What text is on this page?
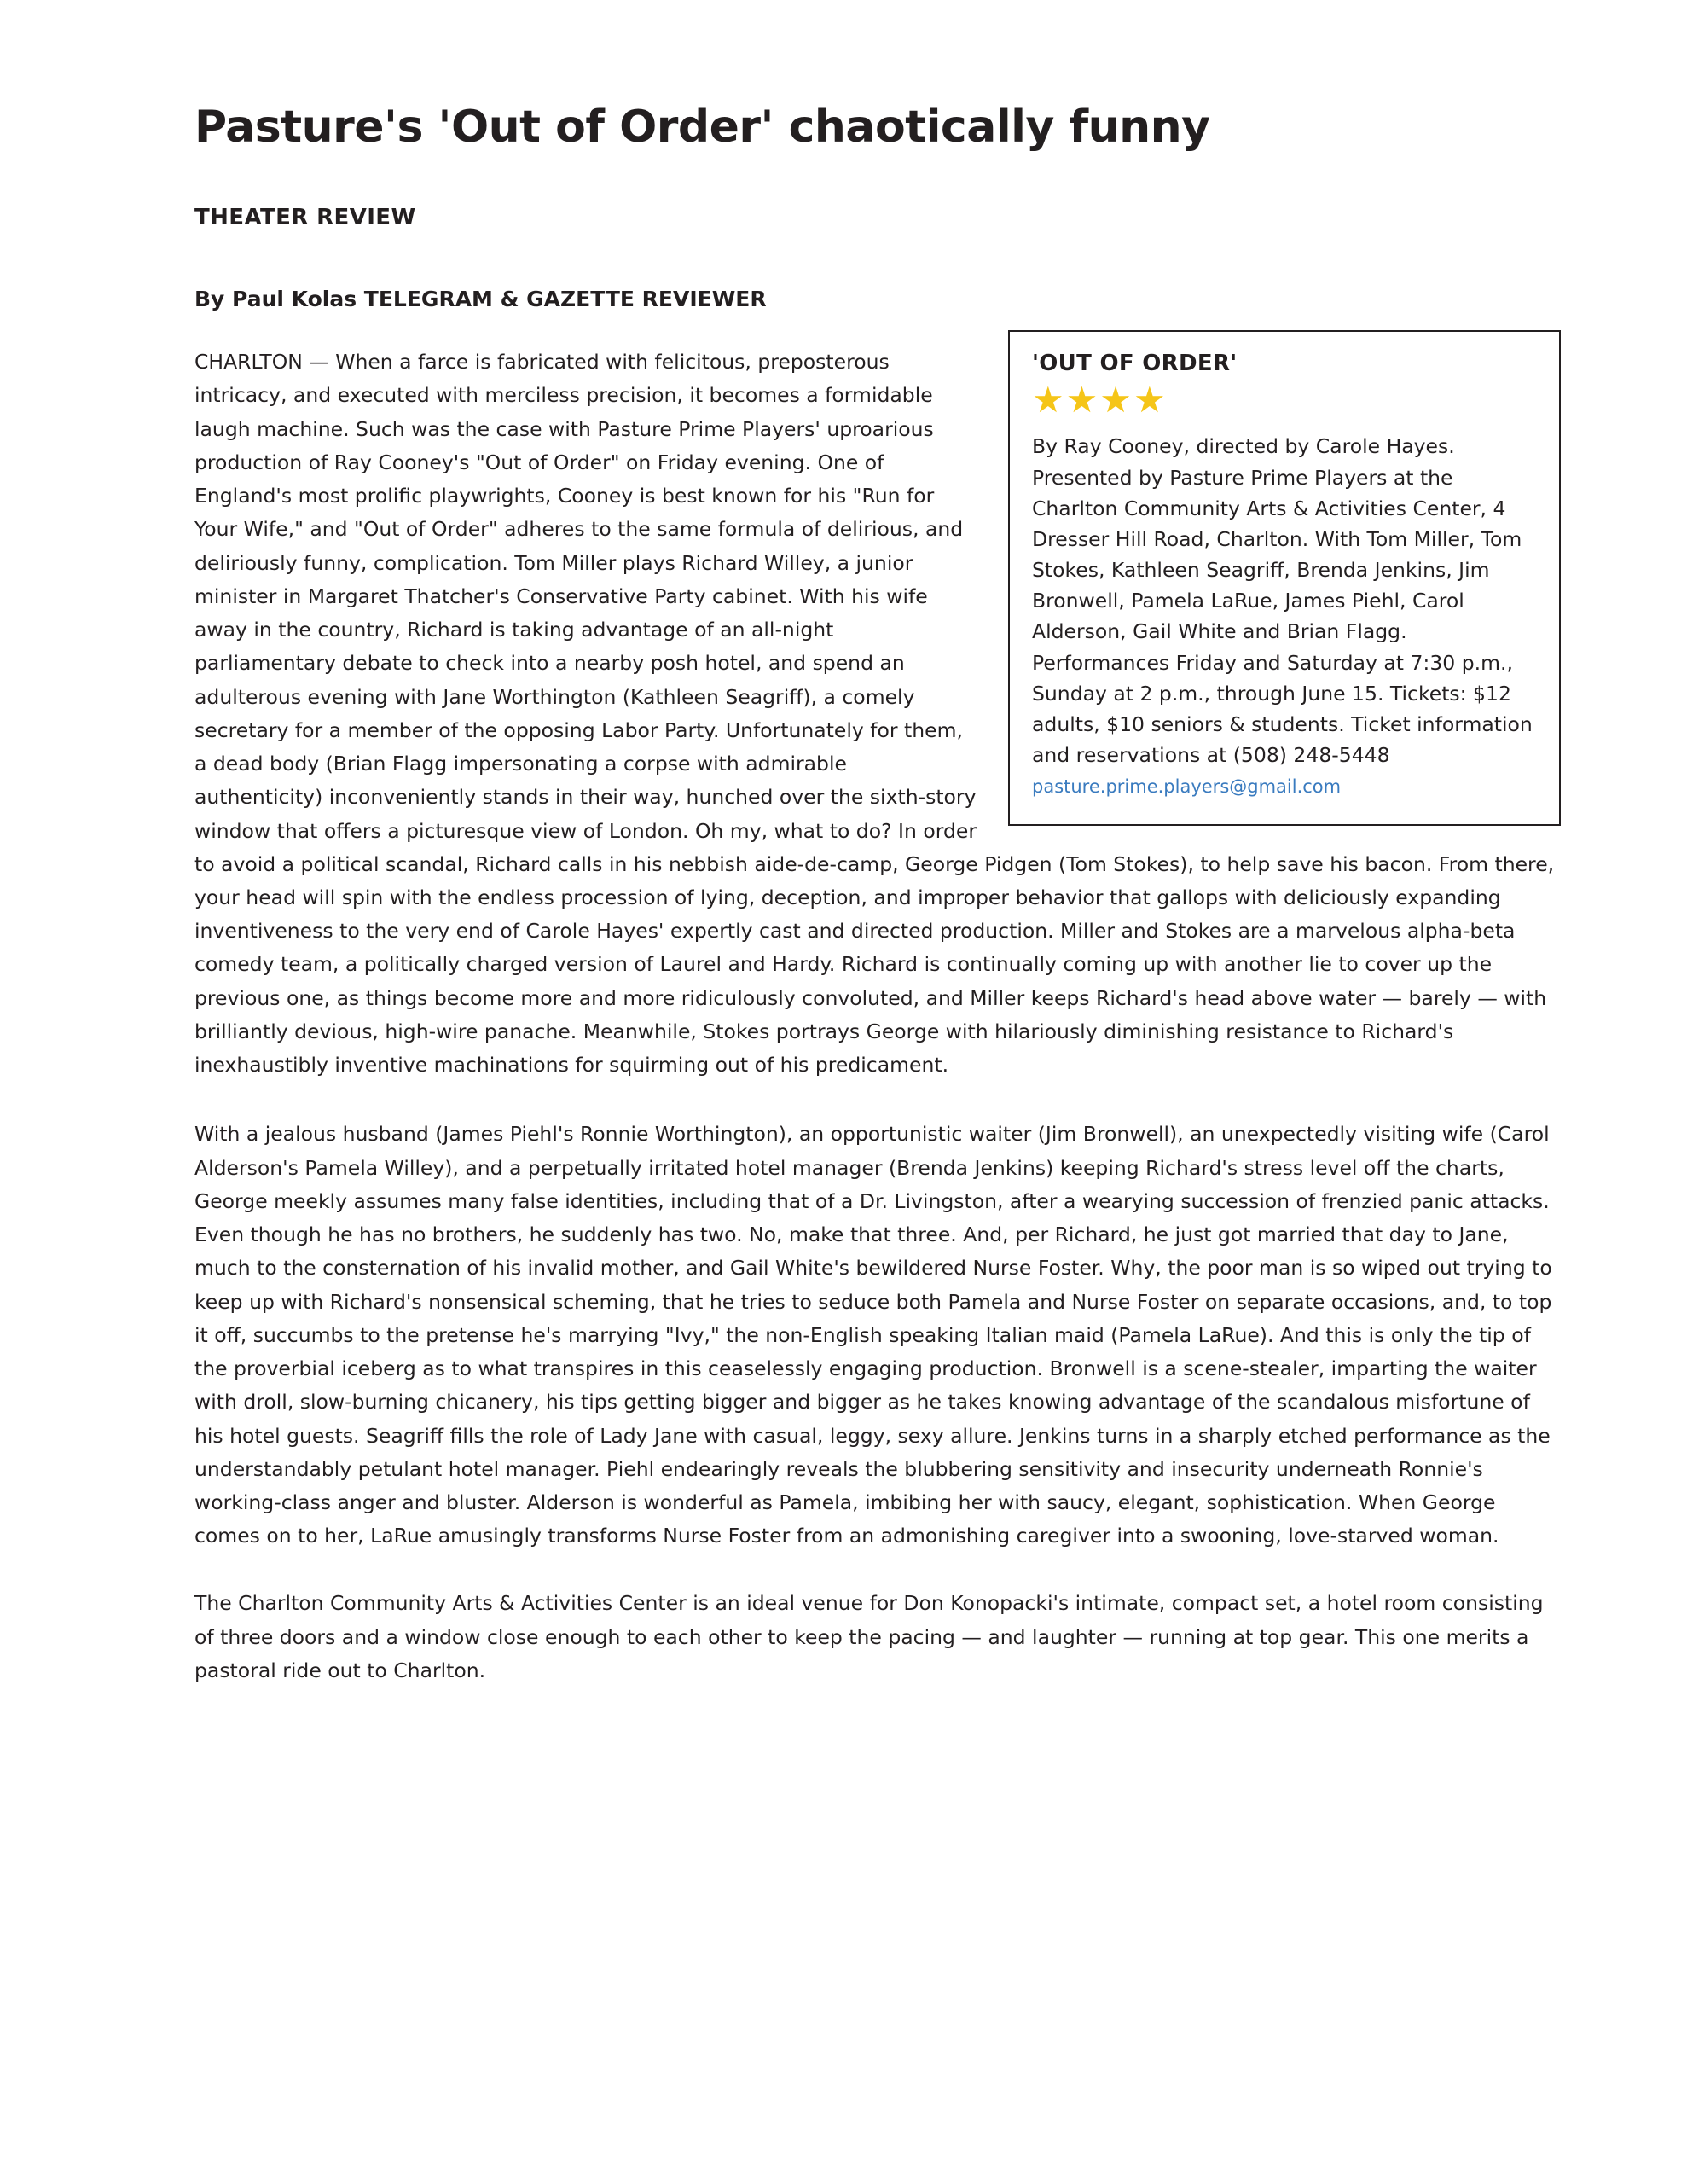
Pasture's 'Out of Order' chaotically funny
THEATER REVIEW
By Paul Kolas TELEGRAM & GAZETTE REVIEWER
'OUT OF ORDER'
★★★★
By Ray Cooney, directed by Carole Hayes. Presented by Pasture Prime Players at the Charlton Community Arts & Activities Center, 4 Dresser Hill Road, Charlton. With Tom Miller, Tom Stokes, Kathleen Seagriff, Brenda Jenkins, Jim Bronwell, Pamela LaRue, James Piehl, Carol Alderson, Gail White and Brian Flagg. Performances Friday and Saturday at 7:30 p.m., Sunday at 2 p.m., through June 15. Tickets: $12 adults, $10 seniors & students. Ticket information and reservations at (508) 248-5448 pasture.prime.players@gmail.com

CHARLTON — When a farce is fabricated with felicitous, preposterous intricacy, and executed with merciless precision, it becomes a formidable laugh machine. Such was the case with Pasture Prime Players' uproarious production of Ray Cooney's "Out of Order" on Friday evening. One of England's most prolific playwrights, Cooney is best known for his "Run for Your Wife," and "Out of Order" adheres to the same formula of delirious, and deliriously funny, complication. Tom Miller plays Richard Willey, a junior minister in Margaret Thatcher's Conservative Party cabinet. With his wife away in the country, Richard is taking advantage of an all-night parliamentary debate to check into a nearby posh hotel, and spend an adulterous evening with Jane Worthington (Kathleen Seagriff), a comely secretary for a member of the opposing Labor Party. Unfortunately for them, a dead body (Brian Flagg impersonating a corpse with admirable authenticity) inconveniently stands in their way, hunched over the sixth-story window that offers a picturesque view of London. Oh my, what to do? In order to avoid a political scandal, Richard calls in his nebbish aide-de-camp, George Pidgen (Tom Stokes), to help save his bacon. From there, your head will spin with the endless procession of lying, deception, and improper behavior that gallops with deliciously expanding inventiveness to the very end of Carole Hayes' expertly cast and directed production. Miller and Stokes are a marvelous alpha-beta comedy team, a politically charged version of Laurel and Hardy. Richard is continually coming up with another lie to cover up the previous one, as things become more and more ridiculously convoluted, and Miller keeps Richard's head above water — barely — with brilliantly devious, high-wire panache. Meanwhile, Stokes portrays George with hilariously diminishing resistance to Richard's inexhaustibly inventive machinations for squirming out of his predicament.

With a jealous husband (James Piehl's Ronnie Worthington), an opportunistic waiter (Jim Bronwell), an unexpectedly visiting wife (Carol Alderson's Pamela Willey), and a perpetually irritated hotel manager (Brenda Jenkins) keeping Richard's stress level off the charts, George meekly assumes many false identities, including that of a Dr. Livingston, after a wearying succession of frenzied panic attacks. Even though he has no brothers, he suddenly has two. No, make that three. And, per Richard, he just got married that day to Jane, much to the consternation of his invalid mother, and Gail White's bewildered Nurse Foster. Why, the poor man is so wiped out trying to keep up with Richard's nonsensical scheming, that he tries to seduce both Pamela and Nurse Foster on separate occasions, and, to top it off, succumbs to the pretense he's marrying "Ivy," the non-English speaking Italian maid (Pamela LaRue). And this is only the tip of the proverbial iceberg as to what transpires in this ceaselessly engaging production. Bronwell is a scene-stealer, imparting the waiter with droll, slow-burning chicanery, his tips getting bigger and bigger as he takes knowing advantage of the scandalous misfortune of his hotel guests. Seagriff fills the role of Lady Jane with casual, leggy, sexy allure. Jenkins turns in a sharply etched performance as the understandably petulant hotel manager. Piehl endearingly reveals the blubbering sensitivity and insecurity underneath Ronnie's working-class anger and bluster. Alderson is wonderful as Pamela, imbibing her with saucy, elegant, sophistication. When George comes on to her, LaRue amusingly transforms Nurse Foster from an admonishing caregiver into a swooning, love-starved woman.

The Charlton Community Arts & Activities Center is an ideal venue for Don Konopacki's intimate, compact set, a hotel room consisting of three doors and a window close enough to each other to keep the pacing — and laughter — running at top gear. This one merits a pastoral ride out to Charlton.
